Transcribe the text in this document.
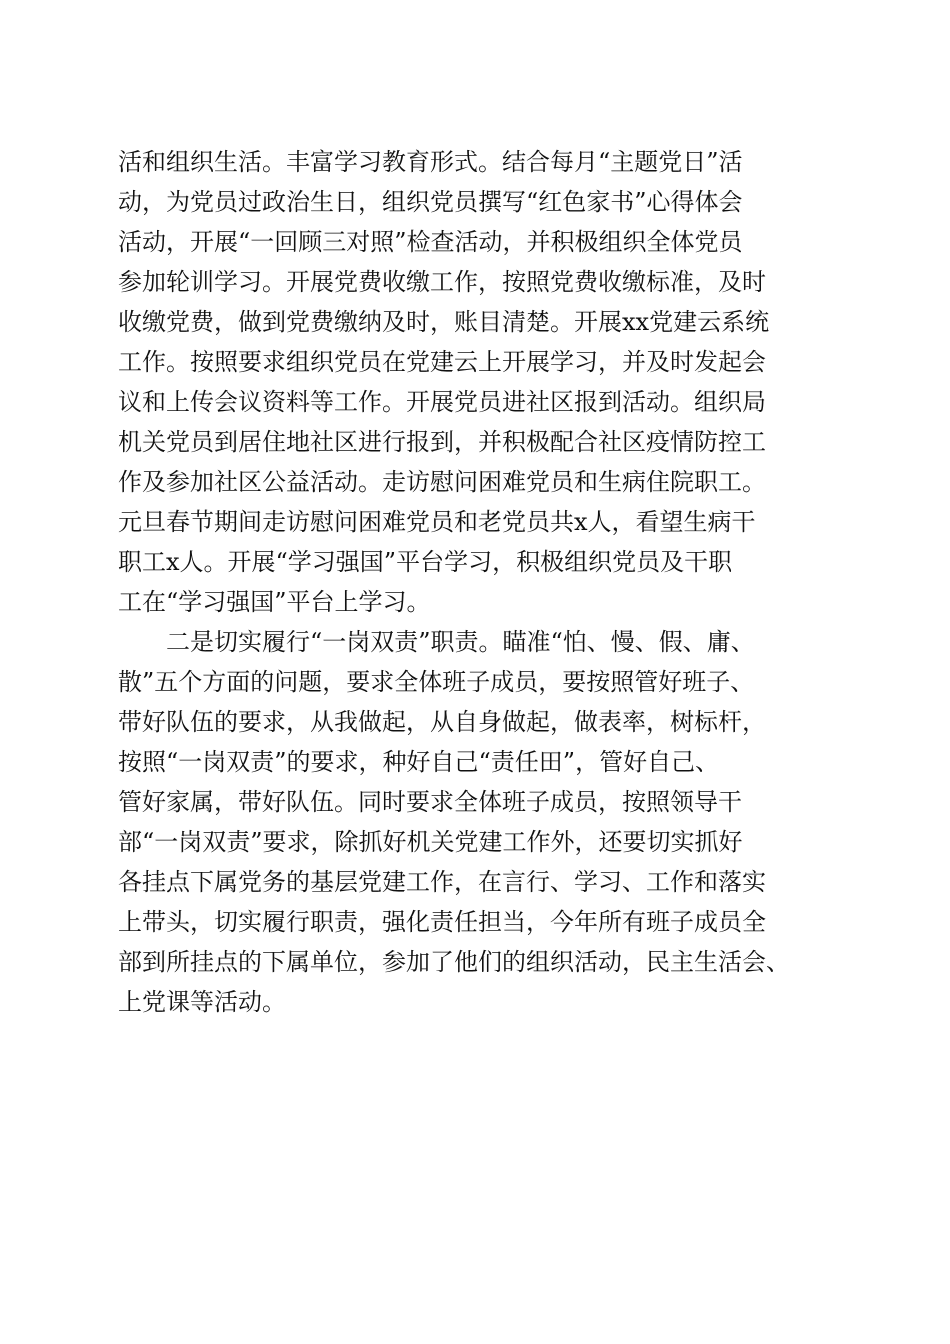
活和组织生活。丰富学习教育形式。结合每月“主题党日”活
动，为党员过政治生日，组织党员撰写“红色家书”心得体会
活动，开展“一回顾三对照”检查活动，并积极组织全体党员
参加轮训学习。开展党费收缴工作，按照党费收缴标准，及时
收缴党费，做到党费缴纳及时，账目清楚。开展xx党建云系统
工作。按照要求组织党员在党建云上开展学习，并及时发起会
议和上传会议资料等工作。开展党员进社区报到活动。组织局
机关党员到居住地社区进行报到，并积极配合社区疫情防控工
作及参加社区公益活动。走访慰问困难党员和生病住院职工。
元旦春节期间走访慰问困难党员和老党员共x人，看望生病干
职工x人。开展“学习强国”平台学习，积极组织党员及干职
工在“学习强国”平台上学习。
二是切实履行“一岗双责”职责。瞄准“怕、慢、假、庸、
散”五个方面的问题，要求全体班子成员，要按照管好班子、
带好队伍的要求，从我做起，从自身做起，做表率，树标杆，
按照“一岗双责”的要求，种好自己“责任田”，管好自己、
管好家属，带好队伍。同时要求全体班子成员，按照领导干
部“一岗双责”要求，除抓好机关党建工作外，还要切实抓好
各挂点下属党务的基层党建工作，在言行、学习、工作和落实
上带头，切实履行职责，强化责任担当，今年所有班子成员全
部到所挂点的下属单位，参加了他们的组织活动，民主生活会、
上党课等活动。
